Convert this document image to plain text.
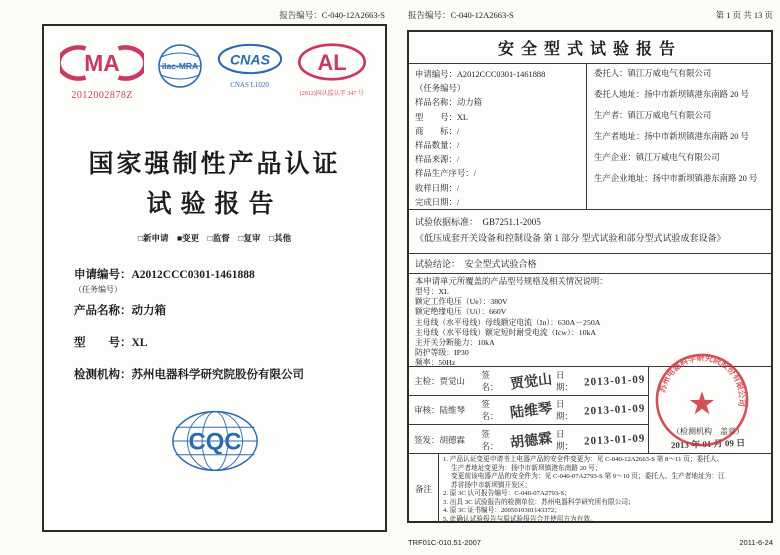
报告编号：C-040-12A2663-S
MA
2012002878Z
ilac-MRA CNAS
CNAS L1020
AL
(2012)国认监认字 347 号
国家强制性产品认证
试验报告
□新申请　■变更　□监督　□复审　□其他
申请编号：A2012CCC0301-1461888
（任务编号）
产品名称：动力箱
型　　号：XL
检测机构：苏州电器科学研究院股份有限公司
CQC
报告编号：C-040-12A2663-S	第 1 页 共 13 页
安全型式试验报告
申请编号：A2012CCC0301-1461888
（任务编号）
样品名称：动力箱
型　　号：XL
商　　标：/
样品数量：/
样品来源：/
样品生产序号：/
收样日期：/
完成日期：/
委托人：镇江万威电气有限公司
委托人地址：扬中市新坝镇港东南路 20 号
生产者：镇江万威电气有限公司
生产者地址：扬中市新坝镇港东南路 20 号
生产企业：镇江万威电气有限公司
生产企业地址：扬中市新坝镇港东南路 20 号
试验依据标准：　GB7251.1-2005
《低压成套开关设备和控制设备 第 1 部分 型式试验和部分型式试验成套设备》
试验结论：　安全型式试验合格
本申请单元所覆盖的产品型号规格及相关情况说明：
型号：XL
额定工作电压（Ue）：380V
额定绝缘电压（Ui）：660V
主母线（水平母线）母线额定电流（In）：630A－250A
主母线（水平母线）额定短时耐受电流（Icw）：10kA
主开关分断能力：10kA
防护等级：IP30
频率：50Hz
主检：贾觉山
签名： 贾觉山 日期： 2013-01-09
审核：陆维琴
签名： 陆维琴 日期： 2013-01-09
签发：胡德霖
签名： 胡德霖 日期： 2013-01-09
（检测机构　盖章）
2013 年 01 月 09 日
苏州电器科学研究院股份有限公司
备注
1. 产品认证变更申请书上电器产品的安全件变更为：见 C-040-12A2663-S 第 8～11 页；委托人、
生产者地址变更为：扬中市新坝镇港东南路 20 号；
变更前该电器产品的安全件为：见 C-040-07A2793-S 第 9～10 页；委托人、生产者地址为：江
苏省扬中市新坝镇开发区；
2. 原 3C 认可报告编号：C-040-07A2793-S；
3. 出具 3C 试验报告的检测单位：苏州电器科学研究所有限公司；
4. 原 3C 证书编号：2005010301143372；
5. 此确认试验报告与原试验报告合并使用方为有效。
TRF01C-010.51-2007	2011-6-24
